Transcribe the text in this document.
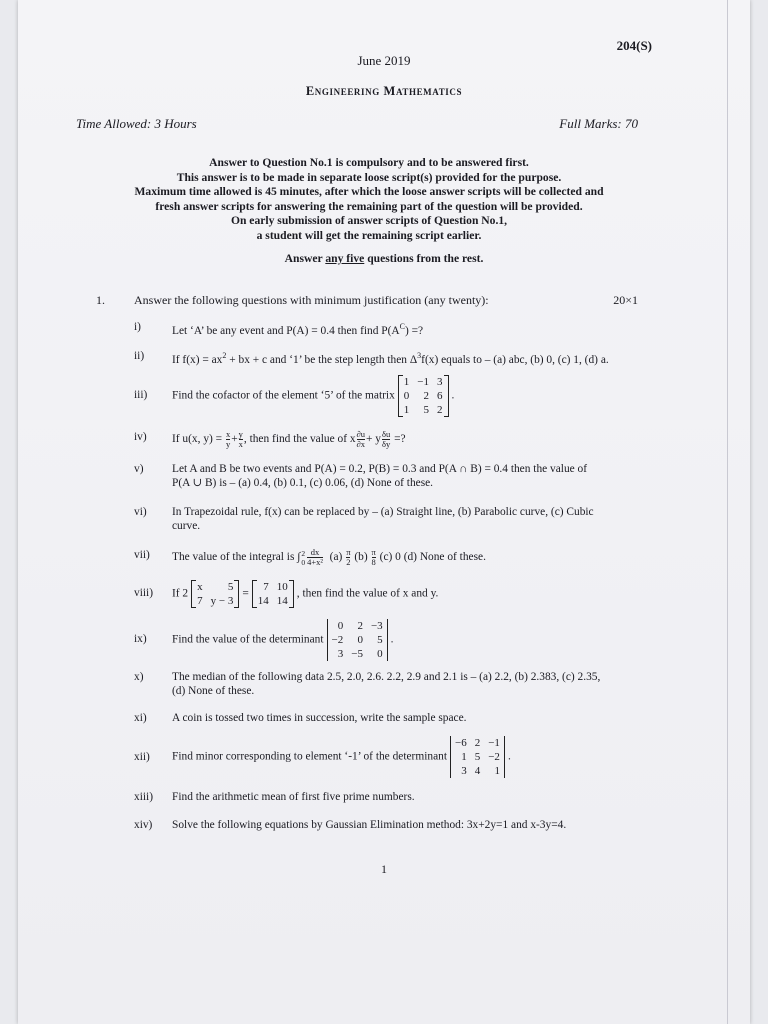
204(S)
June 2019
Engineering Mathematics
Time Allowed: 3 Hours	Full Marks: 70
Answer to Question No.1 is compulsory and to be answered first.
This answer is to be made in separate loose script(s) provided for the purpose.
Maximum time allowed is 45 minutes, after which the loose answer scripts will be collected and
fresh answer scripts for answering the remaining part of the question will be provided.
On early submission of answer scripts of Question No.1,
a student will get the remaining script earlier.
Answer any five questions from the rest.
1.	Answer the following questions with minimum justification (any twenty):	20×1
i)	Let ‘A’ be any event and P(A) = 0.4 then find $P(A^C)$ =?
ii)	If $f(x) = ax^2$ + bx + c and ‘1’ be the step length then $\Delta^3f(x)$ equals to – (a) abc, (b) 0, (c) 1, (d) a.
iii)	Find the cofactor of the element ‘5’ of the matrix
1	−1	3
0	2	6
1	5	2
.
iv)	If u(x, $y) = \frac{x}{y} + \frac{y}{x}$ , then find the value of x $\frac{\partial u}{\partial x} + y \frac{\delta u}{\delta y}$ =?
v)	Let A and B be two events and P(A) = 0.2, P(B) = 0.3 and P(A ∩ B) = 0.4 then the value of
P(A ∪ B) is – (a) 0.4, (b) 0.1, (c) 0.06, (d) None of these.
vi)	In Trapezoidal rule, f(x) can be replaced by – (a) Straight line, (b) Parabolic curve, (c) Cubic
curve.
vii)	The value of the integral is ∫ 2
$0 \frac{dx}{\text{4+x²}} (a) \frac{\pi}{2} (b) \frac{\pi}{8} (c)$ 0 (d) None of these.
viii)	If 2
x	5
7	y − 3
=
7	10
14	14
, then find the value of x and y.
ix)	Find the value of the determinant
0	2	−3
−2	0	5
3	−5	0
.
x)	The median of the following data 2.5, 2.0, 2.6. 2.2, 2.9 and 2.1 is – (a) 2.2, (b) 2.383, (c) 2.35,
(d) None of these.
xi)	A coin is tossed two times in succession, write the sample space.
xii)	Find minor corresponding to element ‘-1’ of the determinant
−6	2	−1
1	5	−2
3	4	1
.
xiii)	Find the arithmetic mean of first five prime numbers.
xiv)	Solve the following equations by Gaussian Elimination method: 3x+2y=1 and x-3y=4.
1
